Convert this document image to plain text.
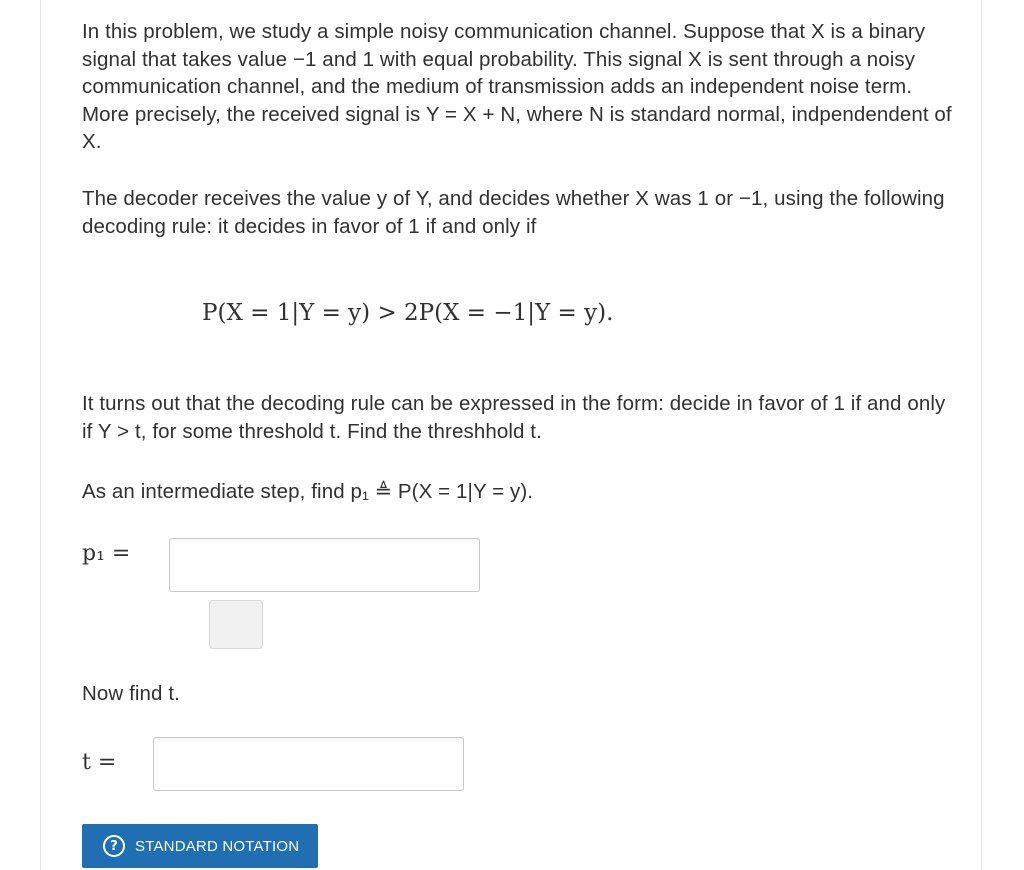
In this problem, we study a simple noisy communication channel. Suppose that X is a binary signal that takes value −1 and 1 with equal probability. This signal X is sent through a noisy communication channel, and the medium of transmission adds an independent noise term. More precisely, the received signal is Y = X + N, where N is standard normal, indpendendent of X.

The decoder receives the value y of Y, and decides whether X was 1 or −1, using the following decoding rule: it decides in favor of 1 if and only if

P(X = 1|Y = y) > 2P(X = −1|Y = y).

It turns out that the decoding rule can be expressed in the form: decide in favor of 1 if and only if Y > t, for some threshold t. Find the threshhold t.

As an intermediate step, find p₁ ≜ P(X = 1|Y = y).

p₁ =

Now find t.

t =
?	STANDARD NOTATION
